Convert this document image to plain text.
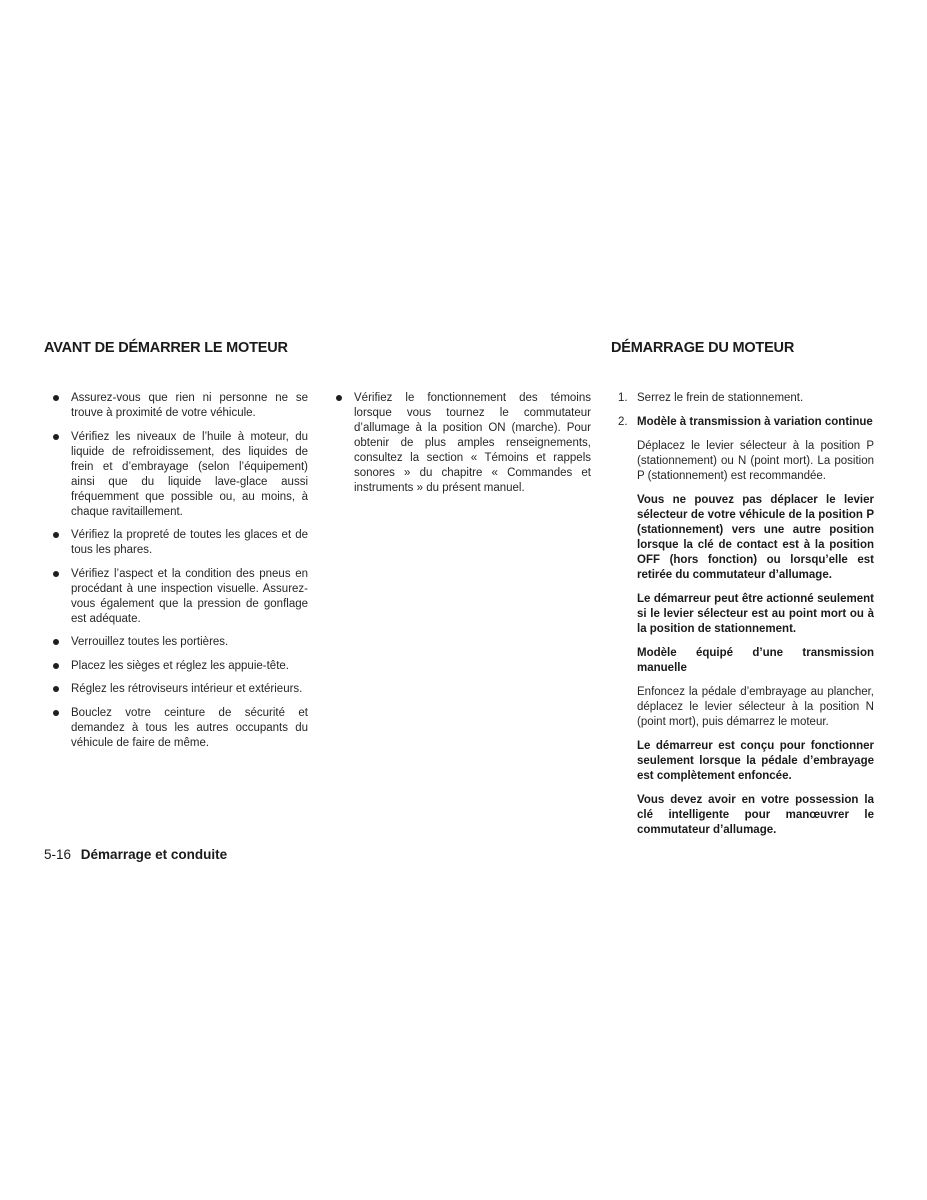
AVANT DE DÉMARRER LE MOTEUR
Assurez-vous que rien ni personne ne se trouve à proximité de votre véhicule.
Vérifiez les niveaux de l’huile à moteur, du liquide de refroidissement, des liquides de frein et d’embrayage (selon l’équipement) ainsi que du liquide lave-glace aussi fréquemment que possible ou, au moins, à chaque ravitaillement.
Vérifiez la propreté de toutes les glaces et de tous les phares.
Vérifiez l’aspect et la condition des pneus en procédant à une inspection visuelle. Assurez-vous également que la pression de gonflage est adéquate.
Verrouillez toutes les portières.
Placez les sièges et réglez les appuie-tête.
Réglez les rétroviseurs intérieur et extérieurs.
Bouclez votre ceinture de sécurité et demandez à tous les autres occupants du véhicule de faire de même.
Vérifiez le fonctionnement des témoins lorsque vous tournez le commutateur d’allumage à la position ON (marche). Pour obtenir de plus amples renseignements, consultez la section « Témoins et rappels sonores » du chapitre « Commandes et instruments » du présent manuel.
DÉMARRAGE DU MOTEUR
1. Serrez le frein de stationnement.
2. Modèle à transmission à variation continue

Déplacez le levier sélecteur à la position P (stationnement) ou N (point mort). La position P (stationnement) est recommandée.

Vous ne pouvez pas déplacer le levier sélecteur de votre véhicule de la position P (stationnement) vers une autre position lorsque la clé de contact est à la position OFF (hors fonction) ou lorsqu’elle est retirée du commutateur d’allumage.

Le démarreur peut être actionné seulement si le levier sélecteur est au point mort ou à la position de stationnement.

Modèle équipé d’une transmission manuelle

Enfoncez la pédale d’embrayage au plancher, déplacez le levier sélecteur à la position N (point mort), puis démarrez le moteur.

Le démarreur est conçu pour fonctionner seulement lorsque la pédale d’embrayage est complètement enfoncée.

Vous devez avoir en votre possession la clé intelligente pour manœuvrer le commutateur d’allumage.

5-16 Démarrage et conduite
